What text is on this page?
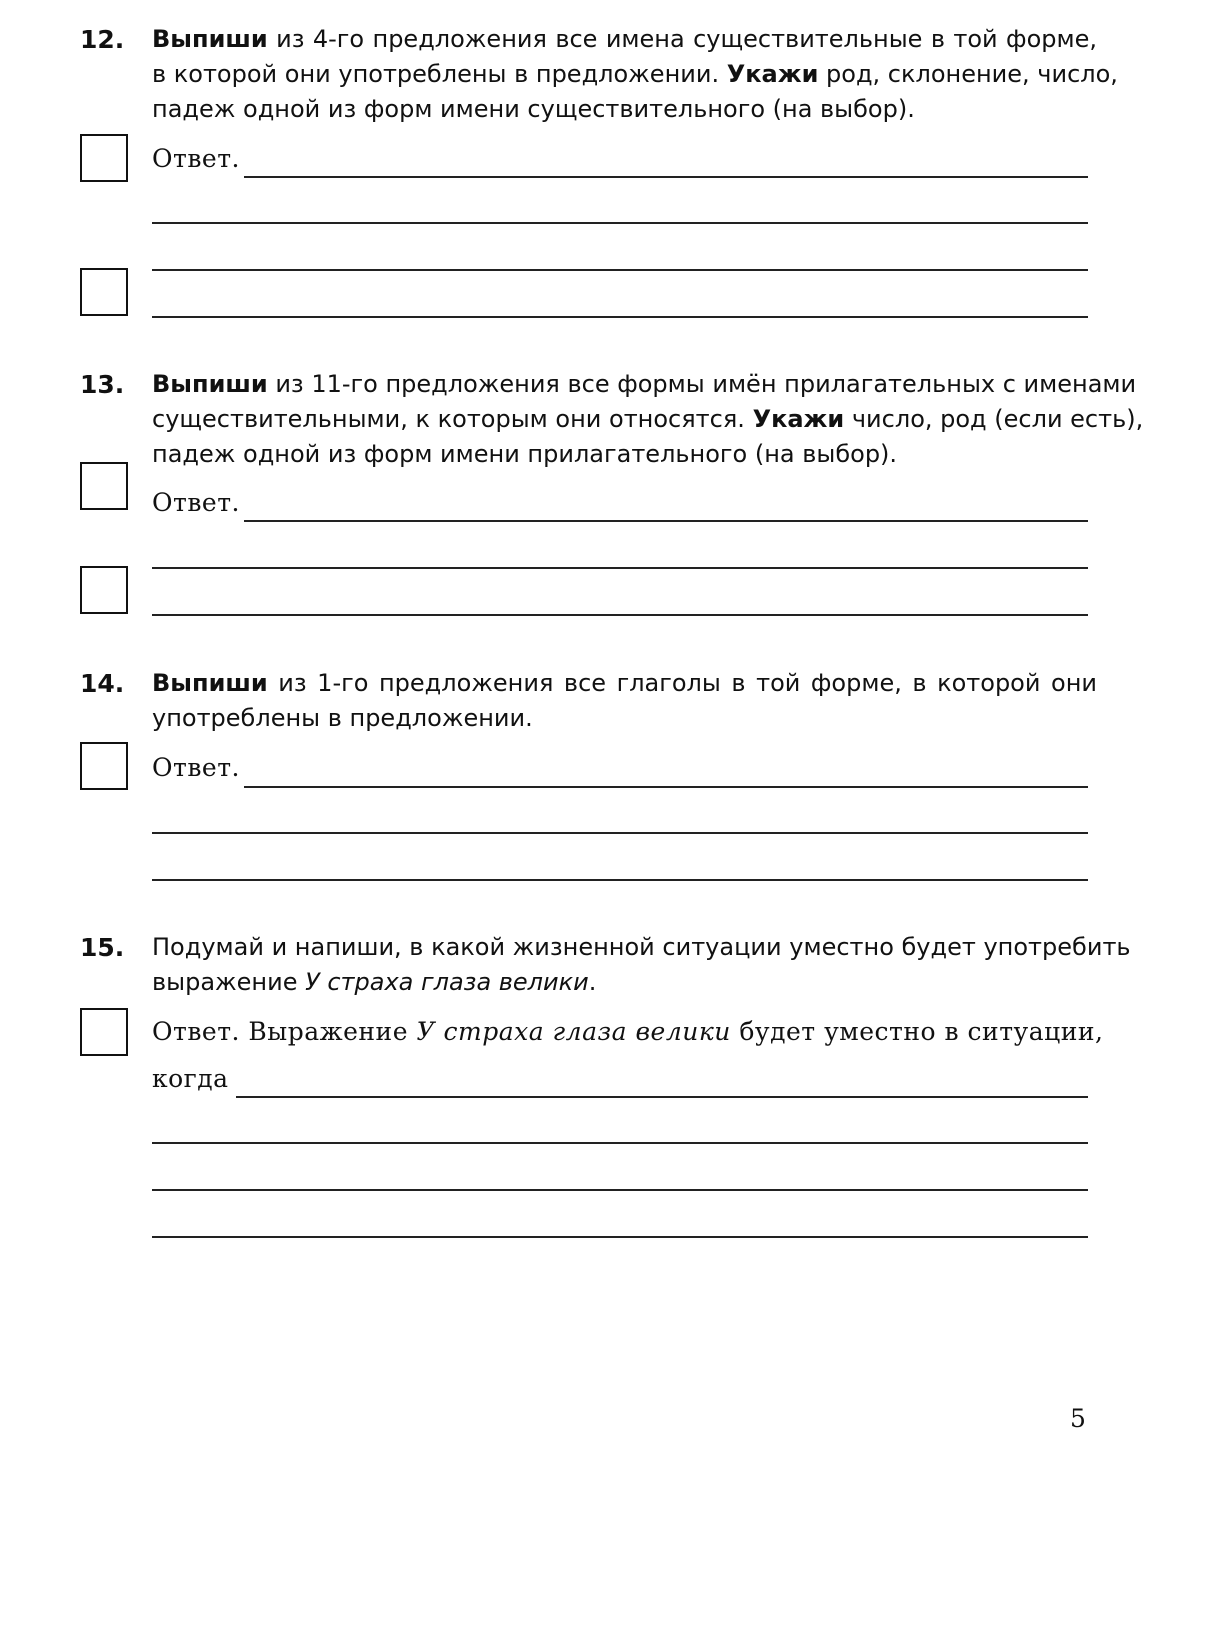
12. Выпиши из 4-го предложения все имена существительные в той форме,
в которой они употреблены в предложении. Укажи род, склонение, число,
падеж одной из форм имени существительного (на выбор).
Ответ.
13. Выпиши из 11-го предложения все формы имён прилагательных с именами
существительными, к которым они относятся. Укажи число, род (если есть),
падеж одной из форм имени прилагательного (на выбор).
Ответ.
14. Выпиши из 1-го предложения все глаголы в той форме, в которой они
употреблены в предложении.
Ответ.
15. Подумай и напиши, в какой жизненной ситуации уместно будет употребить
выражение У страха глаза велики.
Ответ. Выражение У страха глаза велики будет уместно в ситуации,
когда
5
